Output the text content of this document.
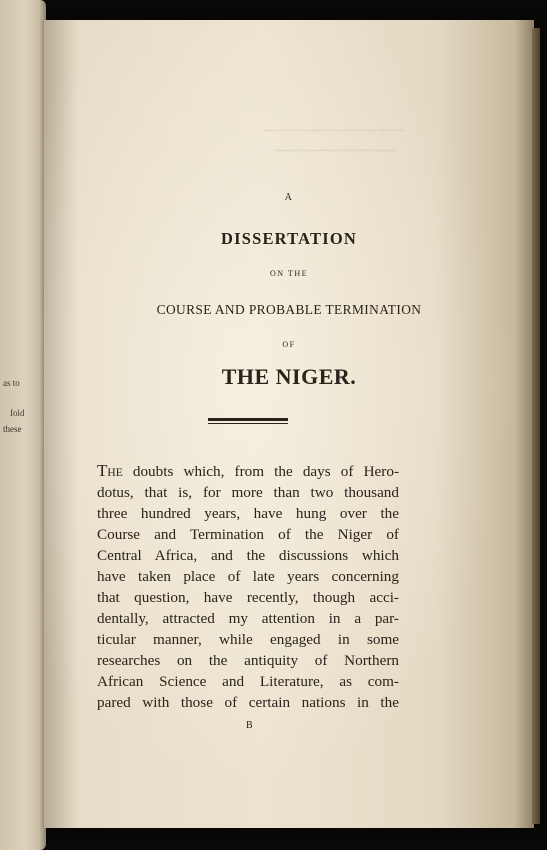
as to
fold
these
▔▔▔▔▔▔▔▔▔▔▔▔▔▔▔
▔▔▔▔▔▔▔▔▔▔▔▔▔
A
DISSERTATION
ON THE
COURSE AND PROBABLE TERMINATION
OF
THE NIGER.
THE doubts which, from the days of Hero-
dotus, that is, for more than two thousand
three hundred years, have hung over the
Course and Termination of the Niger of
Central Africa, and the discussions which
have taken place of late years concerning
that question, have recently, though acci-
dentally, attracted my attention in a par-
ticular manner, while engaged in some
researches on the antiquity of Northern
African Science and Literature, as com-
pared with those of certain nations in the
B
